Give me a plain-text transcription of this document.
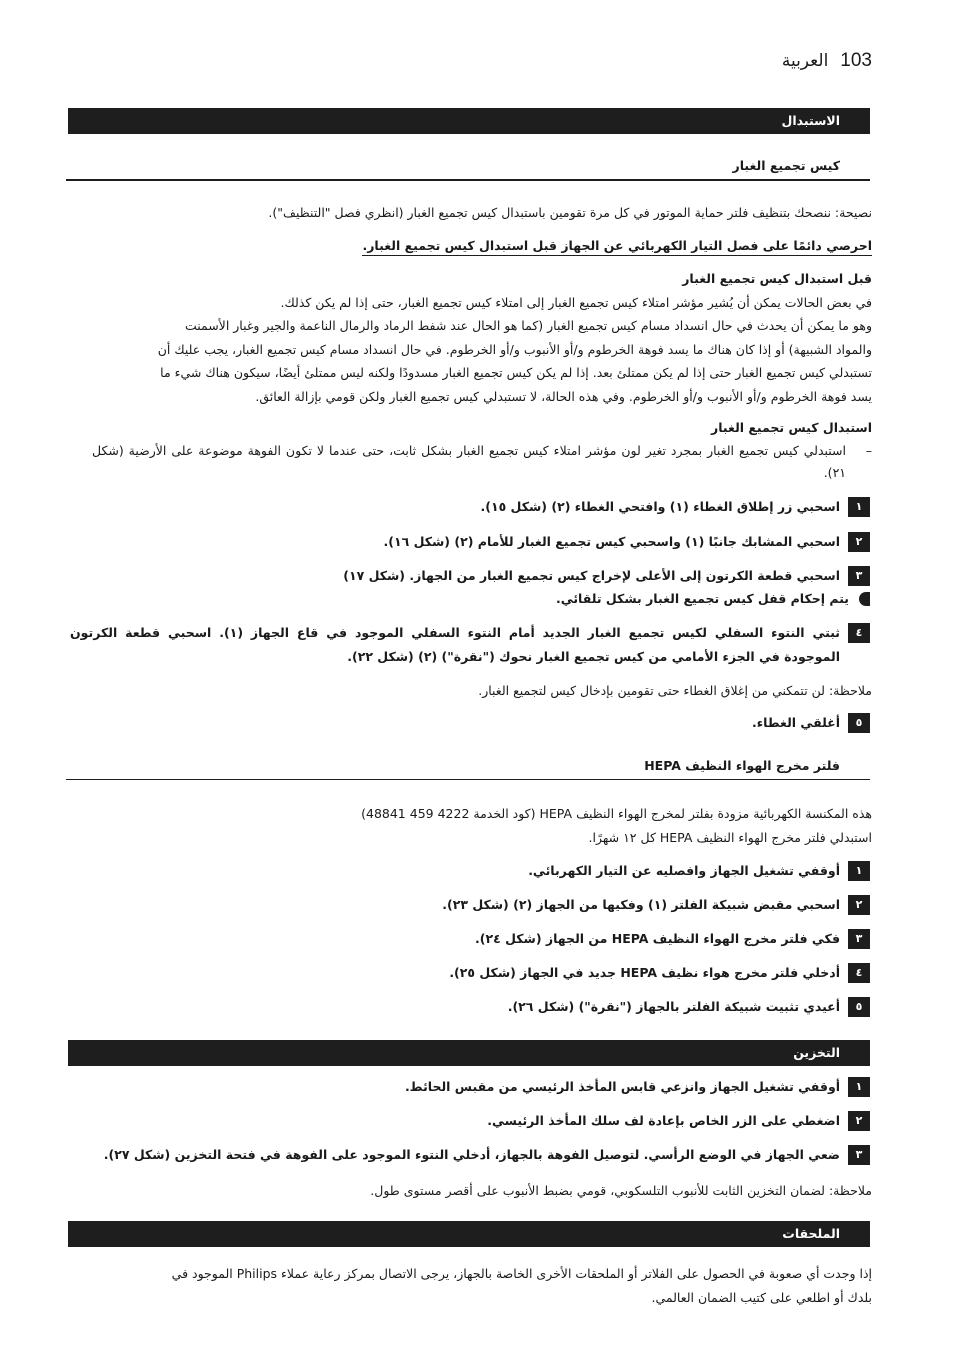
103
العربية
الاستبدال
كيس تجميع الغبار

نصيحة: ننصحك بتنظيف فلتر حماية الموتور في كل مرة تقومين باستبدال كيس تجميع الغبار (انظري فصل "التنظيف").

احرصي دائمًا على فصل التيار الكهربائي عن الجهاز قبل استبدال كيس تجميع الغبار.

قبل استبدال كيس تجميع الغبار

في بعض الحالات يمكن أن يُشير مؤشر امتلاء كيس تجميع الغبار إلى امتلاء كيس تجميع الغبار، حتى إذا لم يكن كذلك.

وهو ما يمكن أن يحدث في حال انسداد مسام كيس تجميع الغبار (كما هو الحال عند شفط الرماد والرمال الناعمة والجير وغبار الأسمنت

والمواد الشبيهة) أو إذا كان هناك ما يسد فوهة الخرطوم و/أو الأنبوب و/أو الخرطوم. في حال انسداد مسام كيس تجميع الغبار، يجب عليك أن

تستبدلي كيس تجميع الغبار حتى إذا لم يكن ممتلئ بعد. إذا لم يكن كيس تجميع الغبار مسدودًا ولكنه ليس ممتلئ أيضًا، سيكون هناك شيء ما

يسد فوهة الخرطوم و/أو الأنبوب و/أو الخرطوم. وفي هذه الحالة، لا تستبدلي كيس تجميع الغبار ولكن قومي بإزالة العائق.

استبدال كيس تجميع الغبار

–
استبدلي كيس تجميع الغبار بمجرد تغير لون مؤشر امتلاء كيس تجميع الغبار بشكل ثابت، حتى عندما لا تكون الفوهة موضوعة على الأرضية (شكل ٢١).
١
اسحبي زر إطلاق الغطاء (١) وافتحي الغطاء (٢) (شكل ١٥).
٢
اسحبي المشابك جانبًا (١) واسحبي كيس تجميع الغبار للأمام (٢) (شكل ١٦).
٣
اسحبي قطعة الكرتون إلى الأعلى لإخراج كيس تجميع الغبار من الجهاز. (شكل ١٧)
يتم إحكام قفل كيس تجميع الغبار بشكل تلقائي.
٤
ثبتي النتوء السفلي لكيس تجميع الغبار الجديد أمام النتوء السفلي الموجود في قاع الجهاز (١). اسحبي قطعة الكرتون الموجودة في الجزء الأمامي من كيس تجميع الغبار نحوك ("نقرة") (٢) (شكل ٢٢).

ملاحظة: لن تتمكني من إغلاق الغطاء حتى تقومين بإدخال كيس لتجميع الغبار.

٥
أغلقي الغطاء.
فلتر مخرج الهواء النظيف HEPA

هذه المكنسة الكهربائية مزودة بفلتر لمخرج الهواء النظيف HEPA (كود الخدمة 4222 459 48841)

استبدلي فلتر مخرج الهواء النظيف HEPA كل ١٢ شهرًا.

١
أوقفي تشغيل الجهاز وافصليه عن التيار الكهربائي.
٢
اسحبي مقبض شبيكة الفلتر (١) وفكيها من الجهاز (٢) (شكل ٢٣).
٣
فكي فلتر مخرج الهواء النظيف HEPA من الجهاز (شكل ٢٤).
٤
أدخلي فلتر مخرج هواء نظيف HEPA جديد في الجهاز (شكل ٢٥).
٥
أعيدي تثبيت شبيكة الفلتر بالجهاز ("نقرة") (شكل ٢٦).
التخزين
١
أوقفي تشغيل الجهاز وانزعي قابس المأخذ الرئيسي من مقبس الحائط.
٢
اضغطي على الزر الخاص بإعادة لف سلك المأخذ الرئيسي.
٣
ضعي الجهاز في الوضع الرأسي. لتوصيل الفوهة بالجهاز، أدخلي النتوء الموجود على الفوهة في فتحة التخزين (شكل ٢٧).

ملاحظة: لضمان التخزين الثابت للأنبوب التلسكوبي، قومي بضبط الأنبوب على أقصر مستوى طول.

الملحقات

إذا وجدت أي صعوبة في الحصول على الفلاتر أو الملحقات الأخرى الخاصة بالجهاز، يرجى الاتصال بمركز رعاية عملاء Philips الموجود في

بلدك أو اطلعي على كتيب الضمان العالمي.
